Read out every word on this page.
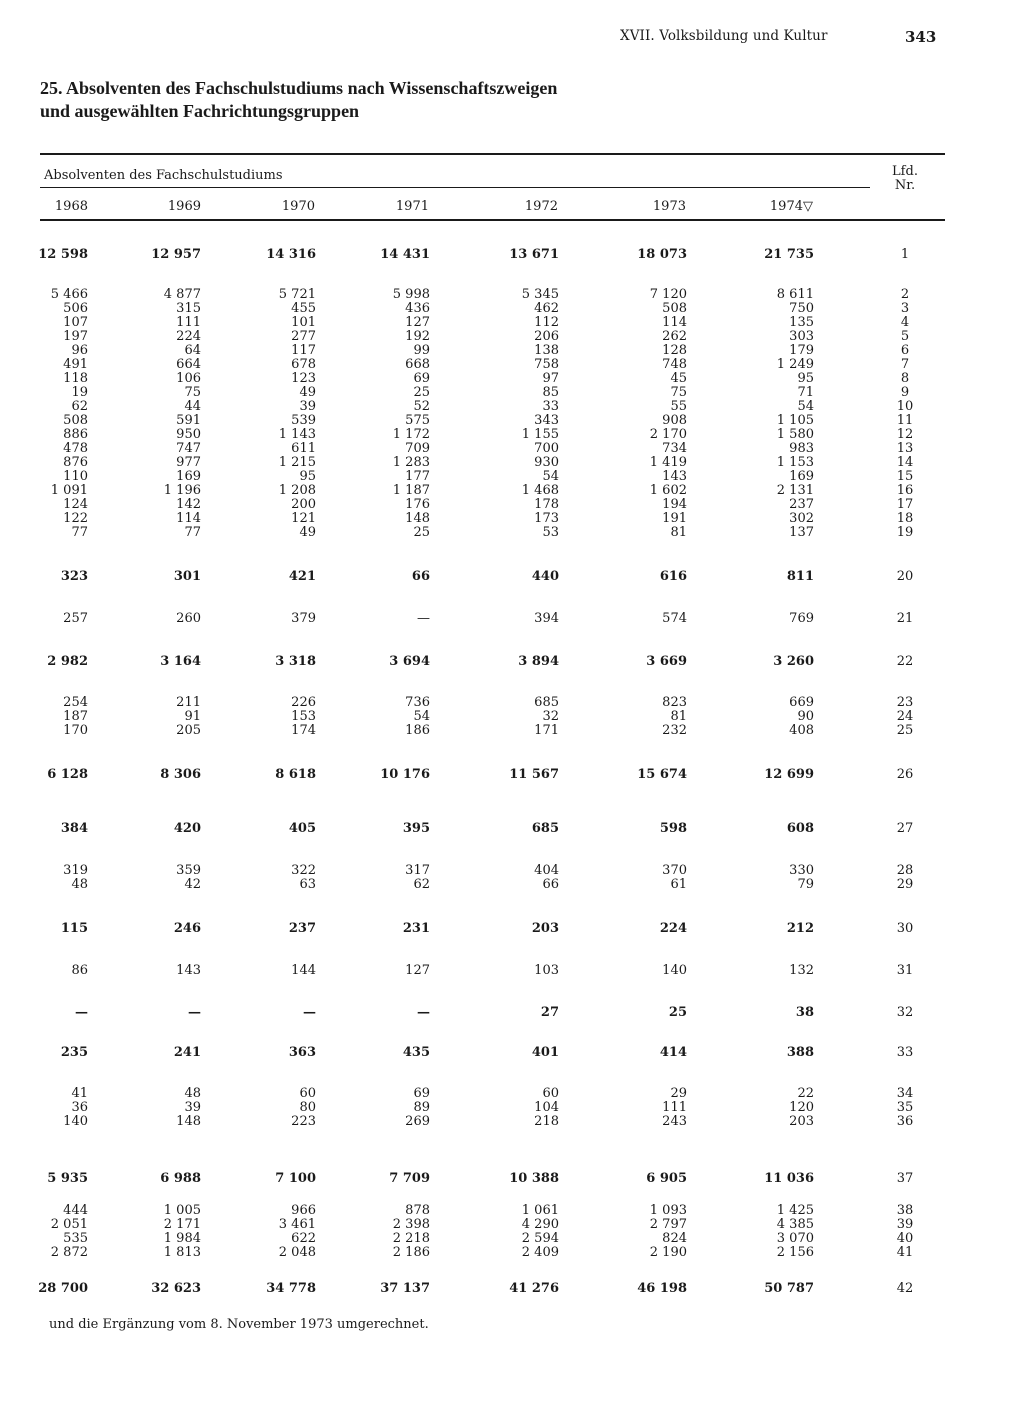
XVII. Volksbildung und Kultur	343
25. Absolventen des Fachschulstudiums nach Wissenschaftszweigen
und ausgewählten Fachrichtungsgruppen
Absolventen des Fachschulstudiums	Lfd.
Nr.
1968	1969	1970	1971	1972	1973	1974▽
12 598	12 957	14 316	14 431	13 671	18 073	21 735	1
5 466	4 877	5 721	5 998	5 345	7 120	8 611	2
506	315	455	436	462	508	750	3
107	111	101	127	112	114	135	4
197	224	277	192	206	262	303	5
96	64	117	99	138	128	179	6
491	664	678	668	758	748	1 249	7
118	106	123	69	97	45	95	8
19	75	49	25	85	75	71	9
62	44	39	52	33	55	54	10
508	591	539	575	343	908	1 105	11
886	950	1 143	1 172	1 155	2 170	1 580	12
478	747	611	709	700	734	983	13
876	977	1 215	1 283	930	1 419	1 153	14
110	169	95	177	54	143	169	15
1 091	1 196	1 208	1 187	1 468	1 602	2 131	16
124	142	200	176	178	194	237	17
122	114	121	148	173	191	302	18
77	77	49	25	53	81	137	19
323	301	421	66	440	616	811	20
257	260	379	—	394	574	769	21
2 982	3 164	3 318	3 694	3 894	3 669	3 260	22
254	211	226	736	685	823	669	23
187	91	153	54	32	81	90	24
170	205	174	186	171	232	408	25
6 128	8 306	8 618	10 176	11 567	15 674	12 699	26
384	420	405	395	685	598	608	27
319	359	322	317	404	370	330	28
48	42	63	62	66	61	79	29
115	246	237	231	203	224	212	30
86	143	144	127	103	140	132	31
—	—	—	—	27	25	38	32
235	241	363	435	401	414	388	33
41	48	60	69	60	29	22	34
36	39	80	89	104	111	120	35
140	148	223	269	218	243	203	36
5 935	6 988	7 100	7 709	10 388	6 905	11 036	37
444	1 005	966	878	1 061	1 093	1 425	38
2 051	2 171	3 461	2 398	4 290	2 797	4 385	39
535	1 984	622	2 218	2 594	824	3 070	40
2 872	1 813	2 048	2 186	2 409	2 190	2 156	41
28 700	32 623	34 778	37 137	41 276	46 198	50 787	42
und die Ergänzung vom 8. November 1973 umgerechnet.
